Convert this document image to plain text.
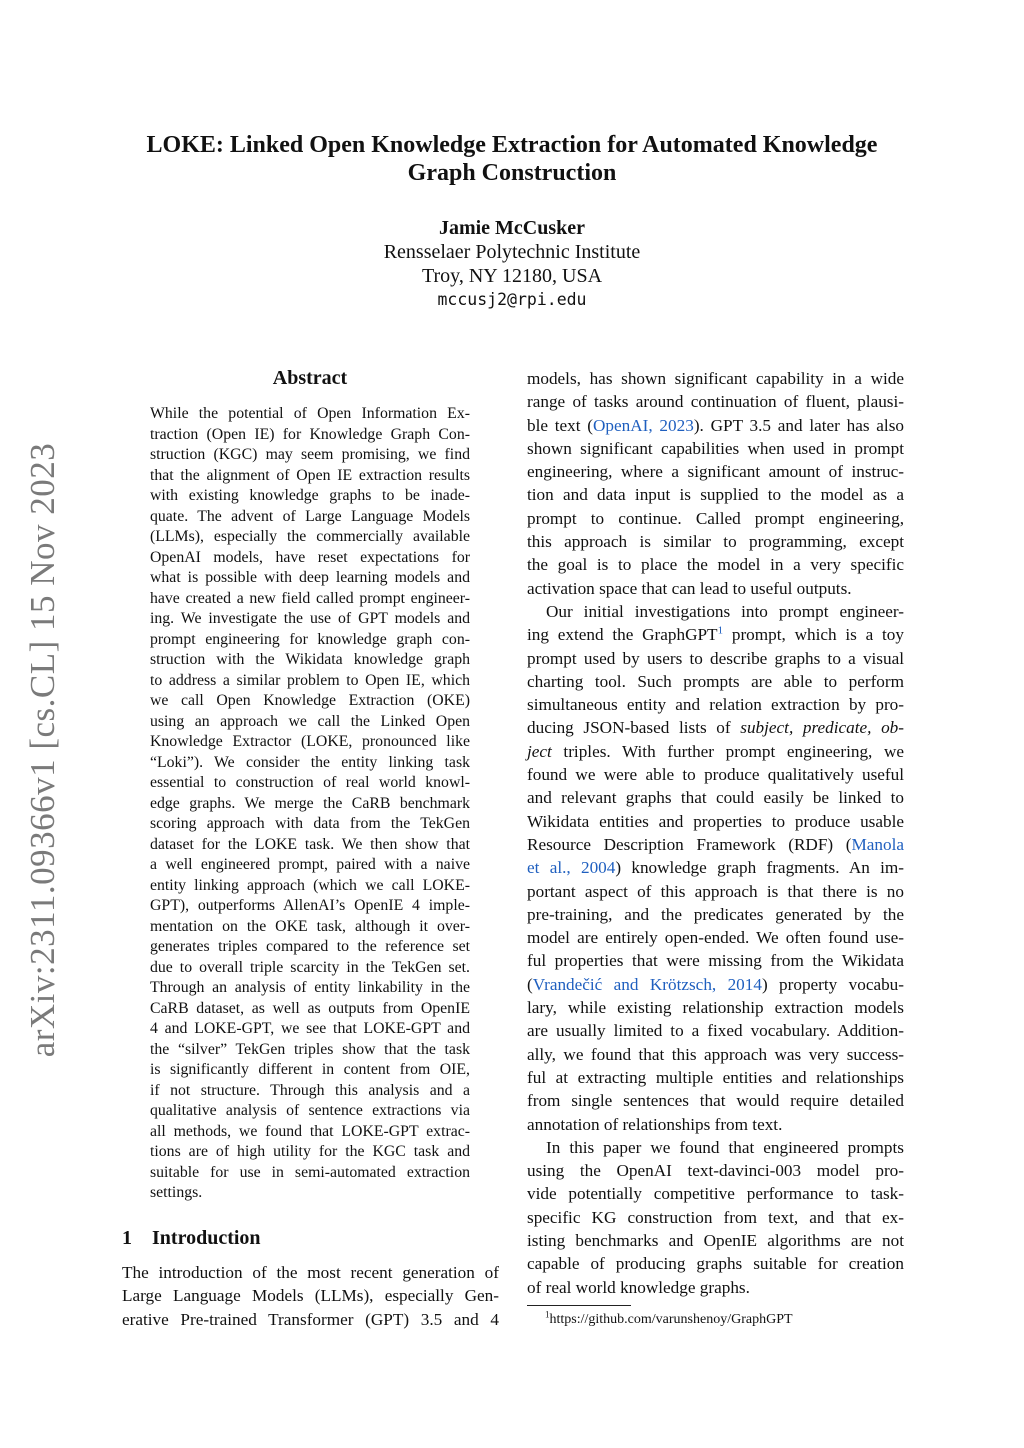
arXiv:2311.09366v1 [cs.CL] 15 Nov 2023
LOKE: Linked Open Knowledge Extraction for Automated Knowledge
Graph Construction
Jamie McCusker
Rensselaer Polytechnic Institute
Troy, NY 12180, USA
mccusj2@rpi.edu
Abstract
While the potential of Open Information Ex-
traction (Open IE) for Knowledge Graph Con-
struction (KGC) may seem promising, we find
that the alignment of Open IE extraction results
with existing knowledge graphs to be inade-
quate. The advent of Large Language Models
(LLMs), especially the commercially available
OpenAI models, have reset expectations for
what is possible with deep learning models and
have created a new field called prompt engineer-
ing. We investigate the use of GPT models and
prompt engineering for knowledge graph con-
struction with the Wikidata knowledge graph
to address a similar problem to Open IE, which
we call Open Knowledge Extraction (OKE)
using an approach we call the Linked Open
Knowledge Extractor (LOKE, pronounced like
“Loki”). We consider the entity linking task
essential to construction of real world knowl-
edge graphs. We merge the CaRB benchmark
scoring approach with data from the TekGen
dataset for the LOKE task. We then show that
a well engineered prompt, paired with a naive
entity linking approach (which we call LOKE-
GPT), outperforms AllenAI’s OpenIE 4 imple-
mentation on the OKE task, although it over-
generates triples compared to the reference set
due to overall triple scarcity in the TekGen set.
Through an analysis of entity linkability in the
CaRB dataset, as well as outputs from OpenIE
4 and LOKE-GPT, we see that LOKE-GPT and
the “silver” TekGen triples show that the task
is significantly different in content from OIE,
if not structure. Through this analysis and a
qualitative analysis of sentence extractions via
all methods, we found that LOKE-GPT extrac-
tions are of high utility for the KGC task and
suitable for use in semi-automated extraction
settings.
1 Introduction
The introduction of the most recent generation of
Large Language Models (LLMs), especially Gen-
erative Pre-trained Transformer (GPT) 3.5 and 4

models, has shown significant capability in a wide

range of tasks around continuation of fluent, plausi-

ble text (OpenAI, 2023). GPT 3.5 and later has also

shown significant capabilities when used in prompt

engineering, where a significant amount of instruc-

tion and data input is supplied to the model as a

prompt to continue. Called prompt engineering,

this approach is similar to programming, except

the goal is to place the model in a very specific

activation space that can lead to useful outputs.

Our initial investigations into prompt engineer-

ing extend the GraphGPT$^1$ prompt, which is a toy

prompt used by users to describe graphs to a visual

charting tool. Such prompts are able to perform

simultaneous entity and relation extraction by pro-

ducing JSON-based lists of subject, predicate, ob-

ject triples. With further prompt engineering, we

found we were able to produce qualitatively useful

and relevant graphs that could easily be linked to

Wikidata entities and properties to produce usable

Resource Description Framework (RDF) (Manola

et al., 2004) knowledge graph fragments. An im-

portant aspect of this approach is that there is no

pre-training, and the predicates generated by the

model are entirely open-ended. We often found use-

ful properties that were missing from the Wikidata

(Vrandečić and Krötzsch, 2014) property vocabu-

lary, while existing relationship extraction models

are usually limited to a fixed vocabulary. Addition-

ally, we found that this approach was very success-

ful at extracting multiple entities and relationships

from single sentences that would require detailed

annotation of relationships from text.

In this paper we found that engineered prompts

using the OpenAI text-davinci-003 model pro-

vide potentially competitive performance to task-

specific KG construction from text, and that ex-

isting benchmarks and OpenIE algorithms are not

capable of producing graphs suitable for creation

of real world knowledge graphs.

$^1$https://github.com/varunshenoy/GraphGPT
